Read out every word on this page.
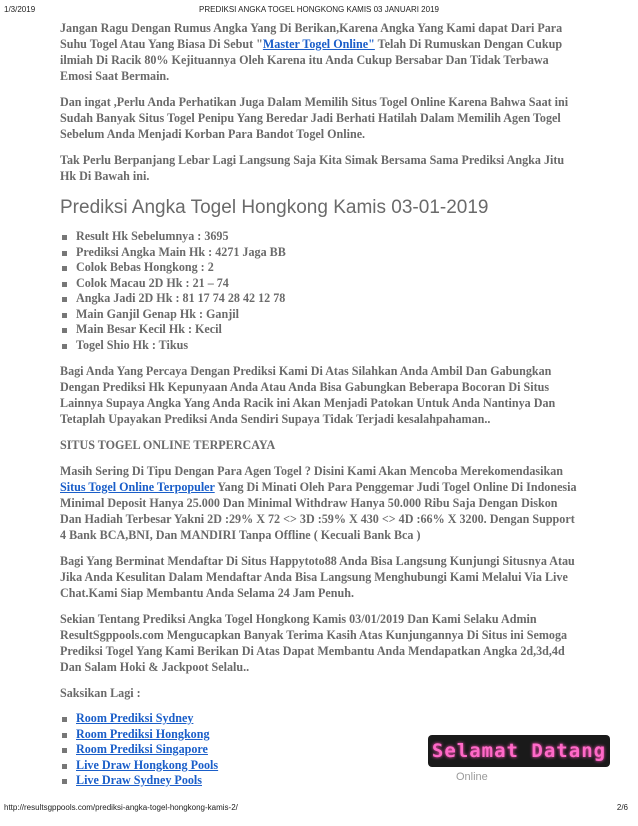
1/3/2019	PREDIKSI ANGKA TOGEL HONGKONG KAMIS 03 JANUARI 2019

Jangan Ragu Dengan Rumus Angka Yang Di Berikan,Karena Angka Yang Kami dapat Dari Para Suhu Togel Atau Yang Biasa Di Sebut "Master Togel Online" Telah Di Rumuskan Dengan Cukup ilmiah Di Racik 80% Kejituannya Oleh Karena itu Anda Cukup Bersabar Dan Tidak Terbawa Emosi Saat Bermain.

Dan ingat ,Perlu Anda Perhatikan Juga Dalam Memilih Situs Togel Online Karena Bahwa Saat ini Sudah Banyak Situs Togel Penipu Yang Beredar Jadi Berhati Hatilah Dalam Memilih Agen Togel Sebelum Anda Menjadi Korban Para Bandot Togel Online.

Tak Perlu Berpanjang Lebar Lagi Langsung Saja Kita Simak Bersama Sama Prediksi Angka Jitu Hk Di Bawah ini.

Prediksi Angka Togel Hongkong Kamis 03-01-2019
Result Hk Sebelumnya : 3695
Prediksi Angka Main Hk : 4271 Jaga BB
Colok Bebas Hongkong : 2
Colok Macau 2D Hk : 21 – 74
Angka Jadi 2D Hk : 81 17 74 28 42 12 78
Main Ganjil Genap Hk : Ganjil
Main Besar Kecil Hk : Kecil
Togel Shio Hk : Tikus

Bagi Anda Yang Percaya Dengan Prediksi Kami Di Atas Silahkan Anda Ambil Dan Gabungkan Dengan Prediksi Hk Kepunyaan Anda Atau Anda Bisa Gabungkan Beberapa Bocoran Di Situs Lainnya Supaya Angka Yang Anda Racik ini Akan Menjadi Patokan Untuk Anda Nantinya Dan Tetaplah Upayakan Prediksi Anda Sendiri Supaya Tidak Terjadi kesalahpahaman..

SITUS TOGEL ONLINE TERPERCAYA

Masih Sering Di Tipu Dengan Para Agen Togel ? Disini Kami Akan Mencoba Merekomendasikan Situs Togel Online Terpopuler Yang Di Minati Oleh Para Penggemar Judi Togel Online Di Indonesia Minimal Deposit Hanya 25.000 Dan Minimal Withdraw Hanya 50.000 Ribu Saja Dengan Diskon Dan Hadiah Terbesar Yakni 2D :29% X 72 <> 3D :59% X 430 <> 4D :66% X 3200. Dengan Support 4 Bank BCA,BNI, Dan MANDIRI Tanpa Offline ( Kecuali Bank Bca )

Bagi Yang Berminat Mendaftar Di Situs Happytoto88 Anda Bisa Langsung Kunjungi Situsnya Atau Jika Anda Kesulitan Dalam Mendaftar Anda Bisa Langsung Menghubungi Kami Melalui Via Live Chat.Kami Siap Membantu Anda Selama 24 Jam Penuh.

Sekian Tentang Prediksi Angka Togel Hongkong Kamis 03/01/2019 Dan Kami Selaku Admin ResultSgppools.com Mengucapkan Banyak Terima Kasih Atas Kunjungannya Di Situs ini Semoga Prediksi Togel Yang Kami Berikan Di Atas Dapat Membantu Anda Mendapatkan Angka 2d,3d,4d Dan Salam Hoki & Jackpoot Selalu..

Saksikan Lagi :

Room Prediksi Sydney
Room Prediksi Hongkong
Room Prediksi Singapore
Live Draw Hongkong Pools
Live Draw Sydney Pools
Selamat Datang
Online
http://resultsgppools.com/prediksi-angka-togel-hongkong-kamis-2/	2/6
